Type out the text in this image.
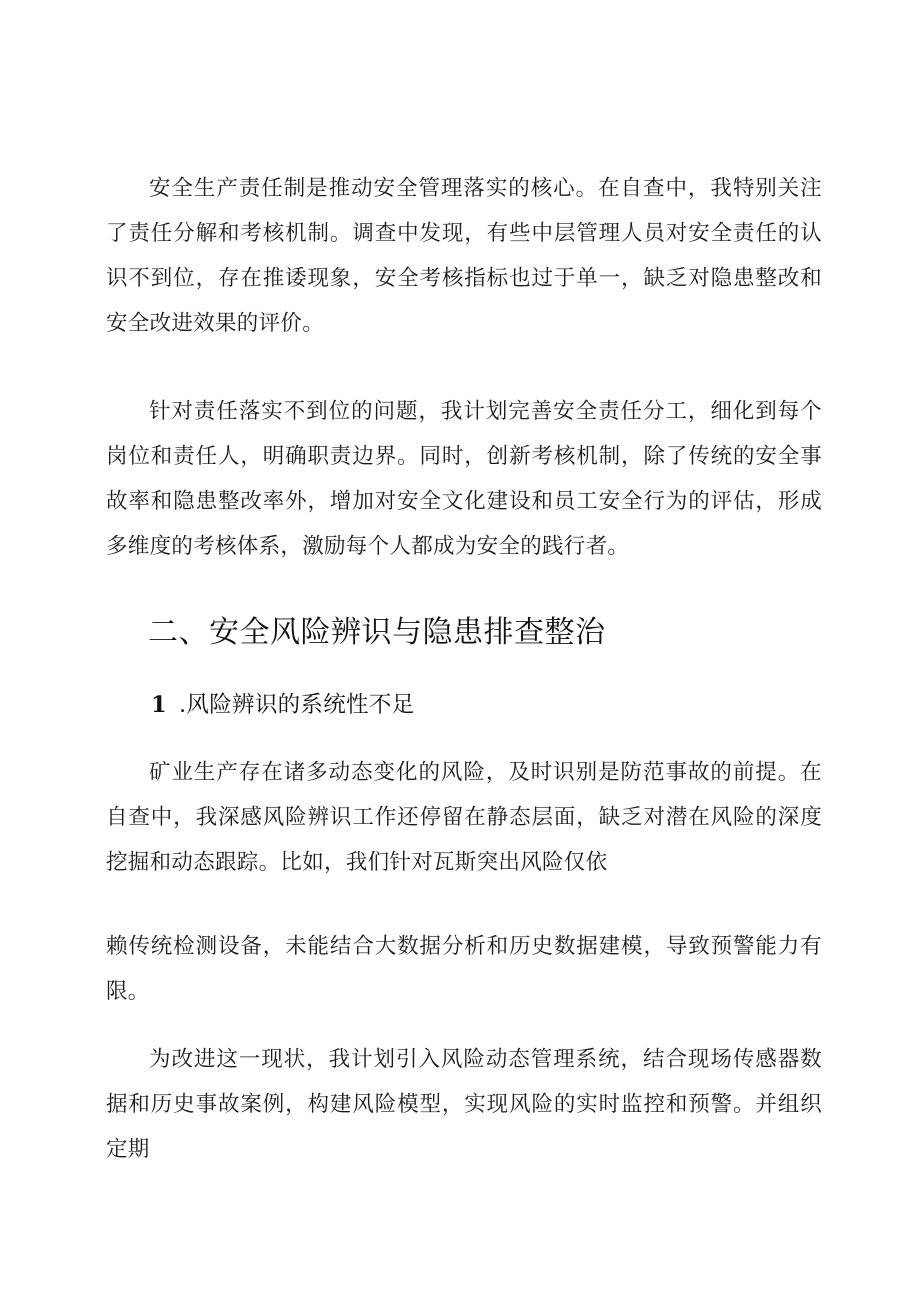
安全生产责任制是推动安全管理落实的核心。在自查中，我特别关注了责任分解和考核机制。调查中发现，有些中层管理人员对安全责任的认识不到位，存在推诿现象，安全考核指标也过于单一，缺乏对隐患整改和安全改进效果的评价。

针对责任落实不到位的问题，我计划完善安全责任分工，细化到每个岗位和责任人，明确职责边界。同时，创新考核机制，除了传统的安全事故率和隐患整改率外，增加对安全文化建设和员工安全行为的评估，形成多维度的考核体系，激励每个人都成为安全的践行者。

二、安全风险辨识与隐患排查整治
1 .风险辨识的系统性不足

矿业生产存在诸多动态变化的风险，及时识别是防范事故的前提。在自查中，我深感风险辨识工作还停留在静态层面，缺乏对潜在风险的深度挖掘和动态跟踪。比如，我们针对瓦斯突出风险仅依

赖传统检测设备，未能结合大数据分析和历史数据建模，导致预警能力有限。

为改进这一现状，我计划引入风险动态管理系统，结合现场传感器数据和历史事故案例，构建风险模型，实现风险的实时监控和预警。并组织定期
